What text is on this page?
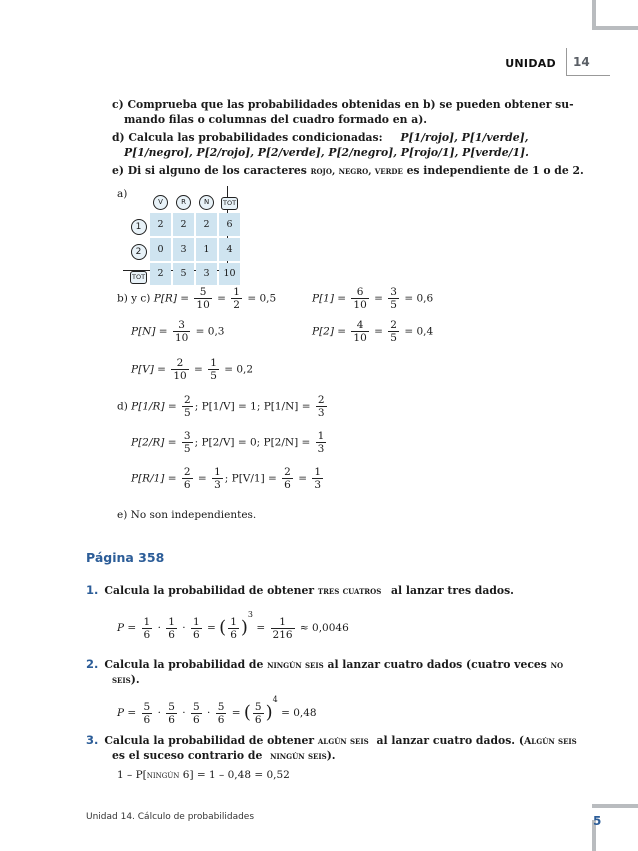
UNIDAD	14
c) Comprueba que las probabilidades obtenidas en b) se pueden obtener su-
mando filas o columnas del cuadro formado en a).
d) Calcula las probabilidades condicionadas: P[1/rojo], P[1/verde],
P[1/negro], P[2/rojo], P[2/verde], P[2/negro], P[rojo/1], P[verde/1].
e) Di si alguno de los caracteres rojo, negro, verde es independiente de 1 o de 2.
a)
	V	R	N	TOT
1	2	2	2	6
2	0	3	1	4
TOT	2	5	3	10
b) y c) $P[R] = \frac{5}{10} = \frac{1}{2} = 0,5$	$P[1] = \frac{6}{10} = \frac{3}{5} = 0,6$
$P[N] = \frac{3}{10} = 0,3$	$P[2] = \frac{4}{10} = \frac{2}{5} = 0,4$
$P[V] = \frac{2}{10} = \frac{1}{5} = 0,2$
d) $P[1/R] = \frac{2}{5}$ ; P[1/V] = 1; $P[1/N] = \frac{2}{3}$
$P[2/R] = \frac{3}{5}$ ; P[2/V] = 0; $P[2/N] = \frac{1}{3}$
$P[R/1] = \frac{2}{6} = \frac{1}{3}$ ; $P[V/1] = \frac{2}{6} = \frac{1}{3}$
e) No son independientes.
Página 358
1. Calcula la probabilidad de obtener tres cuatros al lanzar tres dados.
$P = \frac{1}{6} \cdot \frac{1}{6} \cdot \frac{1}{6}$ = ( $\frac{1}{6} )^3 = \frac{1}{216} \approx 0,0046$
2. Calcula la probabilidad de ningún seis al lanzar cuatro dados (cuatro veces no
seis).
$P = \frac{5}{6} \cdot \frac{5}{6} \cdot \frac{5}{6} \cdot \frac{5}{6}$ = ( $\frac{5}{6} )^4 = 0,48$
3. Calcula la probabilidad de obtener algún seis al lanzar cuatro dados. (Algún seis
es el suceso contrario de ningún seis).
1 – P[ningún 6] = 1 – 0,48 = 0,52
Unidad 14. Cálculo de probabilidades	5
